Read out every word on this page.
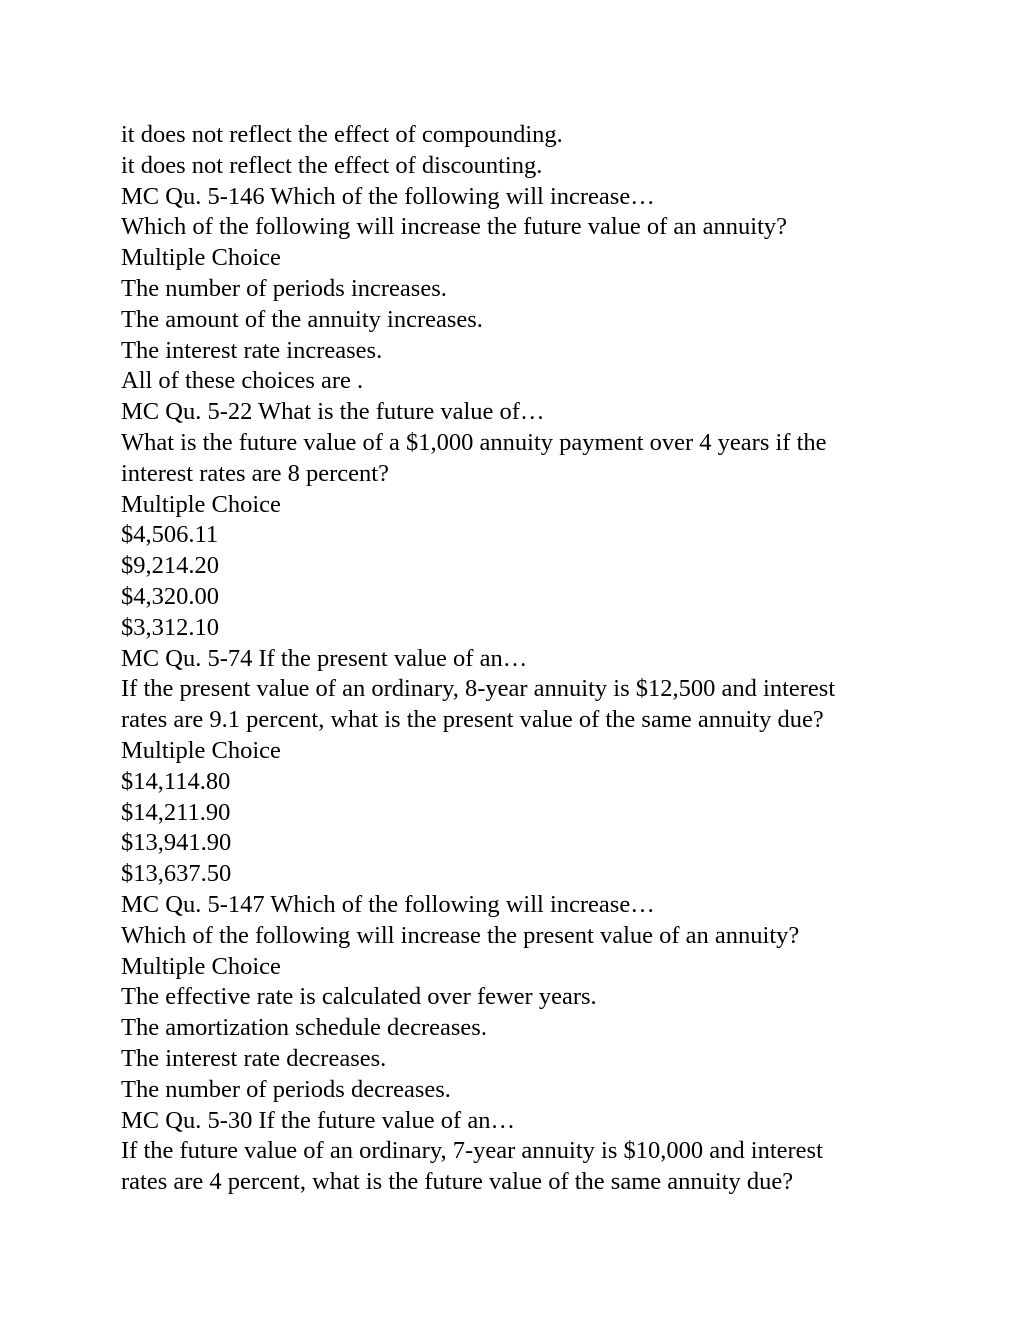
it does not reflect the effect of compounding.
it does not reflect the effect of discounting.
MC Qu. 5-146 Which of the following will increase…
Which of the following will increase the future value of an annuity?
Multiple Choice
The number of periods increases.
The amount of the annuity increases.
The interest rate increases.
All of these choices are .
MC Qu. 5-22 What is the future value of…
What is the future value of a $1,000 annuity payment over 4 years if the
interest rates are 8 percent?
Multiple Choice
$4,506.11
$9,214.20
$4,320.00
$3,312.10
MC Qu. 5-74 If the present value of an…
If the present value of an ordinary, 8-year annuity is $12,500 and interest
rates are 9.1 percent, what is the present value of the same annuity due?
Multiple Choice
$14,114.80
$14,211.90
$13,941.90
$13,637.50
MC Qu. 5-147 Which of the following will increase…
Which of the following will increase the present value of an annuity?
Multiple Choice
The effective rate is calculated over fewer years.
The amortization schedule decreases.
The interest rate decreases.
The number of periods decreases.
MC Qu. 5-30 If the future value of an…
If the future value of an ordinary, 7-year annuity is $10,000 and interest
rates are 4 percent, what is the future value of the same annuity due?
